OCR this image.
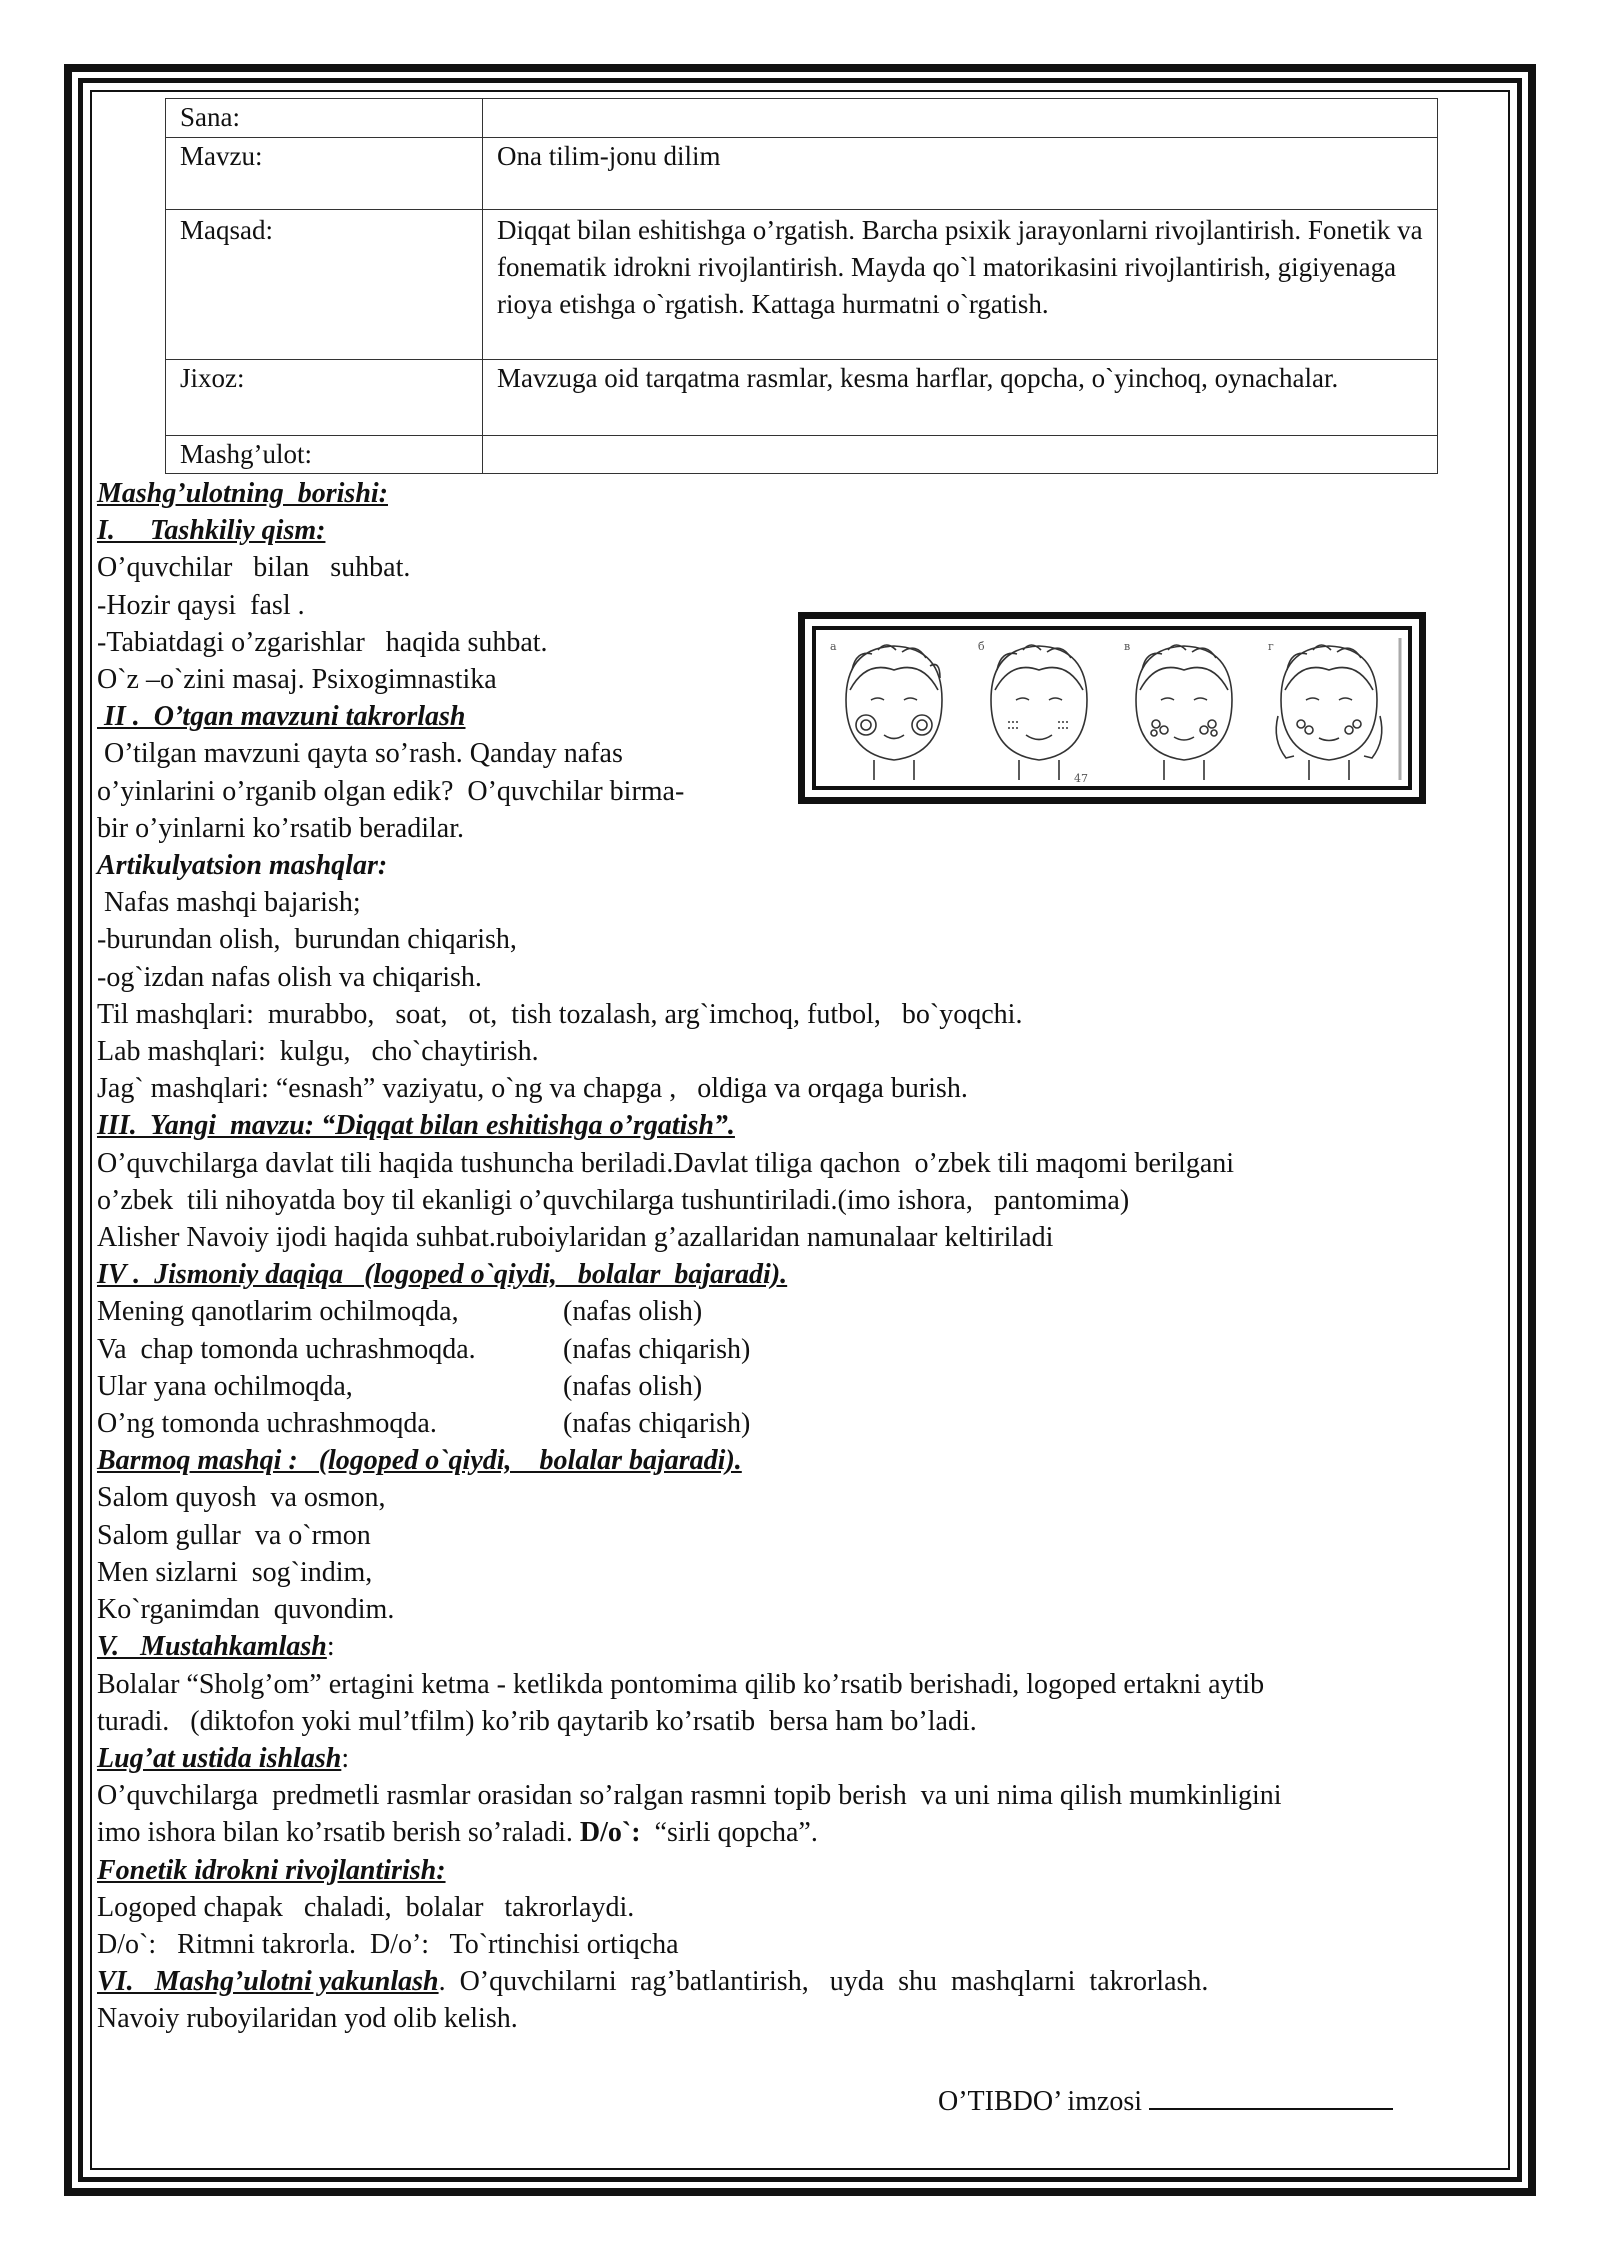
Sana:	
Mavzu:	Ona tilim-jonu dilim
Maqsad:	Diqqat bilan eshitishga o’rgatish. Barcha psixik jarayonlarni rivojlantirish. Fonetik va fonematik idrokni rivojlantirish. Mayda qo`l matorikasini rivojlantirish, gigiyenaga rioya etishga o`rgatish. Kattaga hurmatni o`rgatish.
Jixoz:	Mavzuga oid tarqatma rasmlar, kesma harflar, qopcha, o`yinchoq, oynachalar.
Mashg’ulot:	

Mashg’ulotning  borishi:

I.     Tashkiliy qism:

O’quvchilar   bilan   suhbat.

-Hozir qaysi  fasl .

-Tabiatdagi o’zgarishlar   haqida suhbat.

O`z –o`zini masaj. Psixogimnastika

II .  O’tgan mavzuni takrorlash

O’tilgan mavzuni qayta so’rash. Qanday nafas

o’yinlarini o’rganib olgan edik?  O’quvchilar birma-

bir o’yinlarni ko’rsatib beradilar.

Artikulyatsion mashqlar:

Nafas mashqi bajarish;

-burundan olish,  burundan chiqarish,

-og`izdan nafas olish va chiqarish.

Til mashqlari:  murabbo,   soat,   ot,  tish tozalash, arg`imchoq, futbol,   bo`yoqchi.

Lab mashqlari:  kulgu,   cho`chaytirish.

Jag` mashqlari: “esnash” vaziyatu, o`ng va chapga ,   oldiga va orqaga burish.

III.  Yangi  mavzu: “Diqqat bilan eshitishga o’rgatish”.

O’quvchilarga davlat tili haqida tushuncha beriladi.Davlat tiliga qachon  o’zbek tili maqomi berilgani

o’zbek  tili nihoyatda boy til ekanligi o’quvchilarga tushuntiriladi.(imo ishora,   pantomima)

Alisher Navoiy ijodi haqida suhbat.ruboiylaridan g’azallaridan namunalaar keltiriladi

IV .  Jismoniy daqiqa   (logoped o`qiydi,   bolalar  bajaradi).

Mening qanotlarim ochilmoqda,	(nafas olish)

Va  chap tomonda uchrashmoqda.	(nafas chiqarish)

Ular yana ochilmoqda,	(nafas olish)

O’ng tomonda uchrashmoqda.	(nafas chiqarish)

Barmoq mashqi :   (logoped o`qiydi,    bolalar bajaradi).

Salom quyosh  va osmon,

Salom gullar  va o`rmon

Men sizlarni  sog`indim,

Ko`rganimdan  quvondim.

V.   Mustahkamlash:

Bolalar “Sholg’om” ertagini ketma - ketlikda pontomima qilib ko’rsatib berishadi, logoped ertakni aytib

turadi.   (diktofon yoki mul’tfilm) ko’rib qaytarib ko’rsatib  bersa ham bo’ladi.

Lug’at ustida ishlash:

O’quvchilarga  predmetli rasmlar orasidan so’ralgan rasmni topib berish  va uni nima qilish mumkinligini

imo ishora bilan ko’rsatib berish so’raladi. D/o`:  “sirli qopcha”.

Fonetik idrokni rivojlantirish:

Logoped chapak   chaladi,  bolalar   takrorlaydi.

D/o`:   Ritmni takrorla.  D/o’:   To`rtinchisi ortiqcha

VI.   Mashg’ulotni yakunlash.  O’quvchilarni  rag’batlantirish,   uyda  shu  mashqlarni  takrorlash.

Navoiy ruboyilaridan yod olib kelish.

а	б	в	г
47
O’TIBDO’ imzosi
